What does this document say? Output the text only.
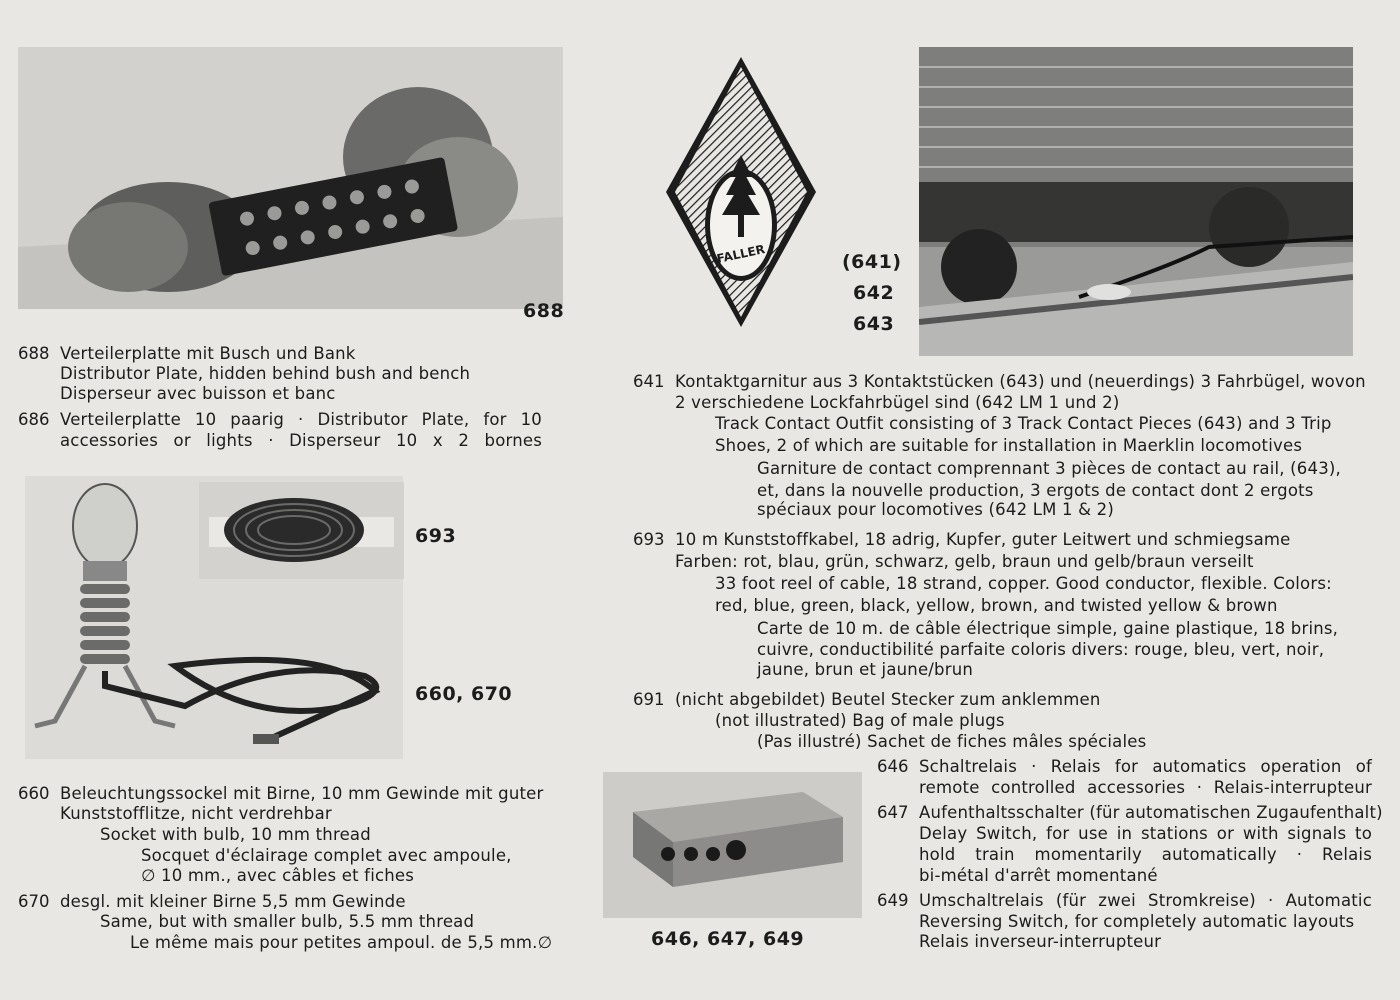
688
688 Verteilerplatte mit Busch und Bank
Distributor Plate, hidden behind bush and bench
Disperseur avec buisson et banc
686 Verteilerplatte 10 paarig · Distributor Plate, for 10
accessories or lights · Disperseur 10 x 2 bornes
693
660, 670
660 Beleuchtungssockel mit Birne, 10 mm Gewinde mit guter
Kunststofflitze, nicht verdrehbar
Socket with bulb, 10 mm thread
Socquet d'éclairage complet avec ampoule,
∅ 10 mm., avec câbles et fiches
670 desgl. mit kleiner Birne 5,5 mm Gewinde
Same, but with smaller bulb, 5.5 mm thread
Le même mais pour petites ampoul. de 5,5 mm.∅
FALLER	(641)
642
643
641 Kontaktgarnitur aus 3 Kontaktstücken (643) und (neuerdings) 3 Fahrbügel, wovon
2 verschiedene Lockfahrbügel sind (642 LM 1 und 2)
Track Contact Outfit consisting of 3 Track Contact Pieces (643) and 3 Trip
Shoes, 2 of which are suitable for installation in Maerklin locomotives
Garniture de contact comprennant 3 pièces de contact au rail, (643),
et, dans la nouvelle production, 3 ergots de contact dont 2 ergots
spéciaux pour locomotives (642 LM 1 & 2)
693 10 m Kunststoffkabel, 18 adrig, Kupfer, guter Leitwert und schmiegsame
Farben: rot, blau, grün, schwarz, gelb, braun und gelb/braun verseilt
33 foot reel of cable, 18 strand, copper. Good conductor, flexible. Colors:
red, blue, green, black, yellow, brown, and twisted yellow & brown
Carte de 10 m. de câble électrique simple, gaine plastique, 18 brins,
cuivre, conductibilité parfaite coloris divers: rouge, bleu, vert, noir,
jaune, brun et jaune/brun
691 (nicht abgebildet) Beutel Stecker zum anklemmen
(not illustrated) Bag of male plugs
(Pas illustré) Sachet de fiches mâles spéciales
646, 647, 649
646 Schaltrelais · Relais for automatics operation of
remote controlled accessories · Relais-interrupteur
647 Aufenthaltsschalter (für automatischen Zugaufenthalt)
Delay Switch, for use in stations or with signals to
hold train momentarily automatically · Relais
bi-métal d'arrêt momentané
649 Umschaltrelais (für zwei Stromkreise) · Automatic
Reversing Switch, for completely automatic layouts
Relais inverseur-interrupteur
